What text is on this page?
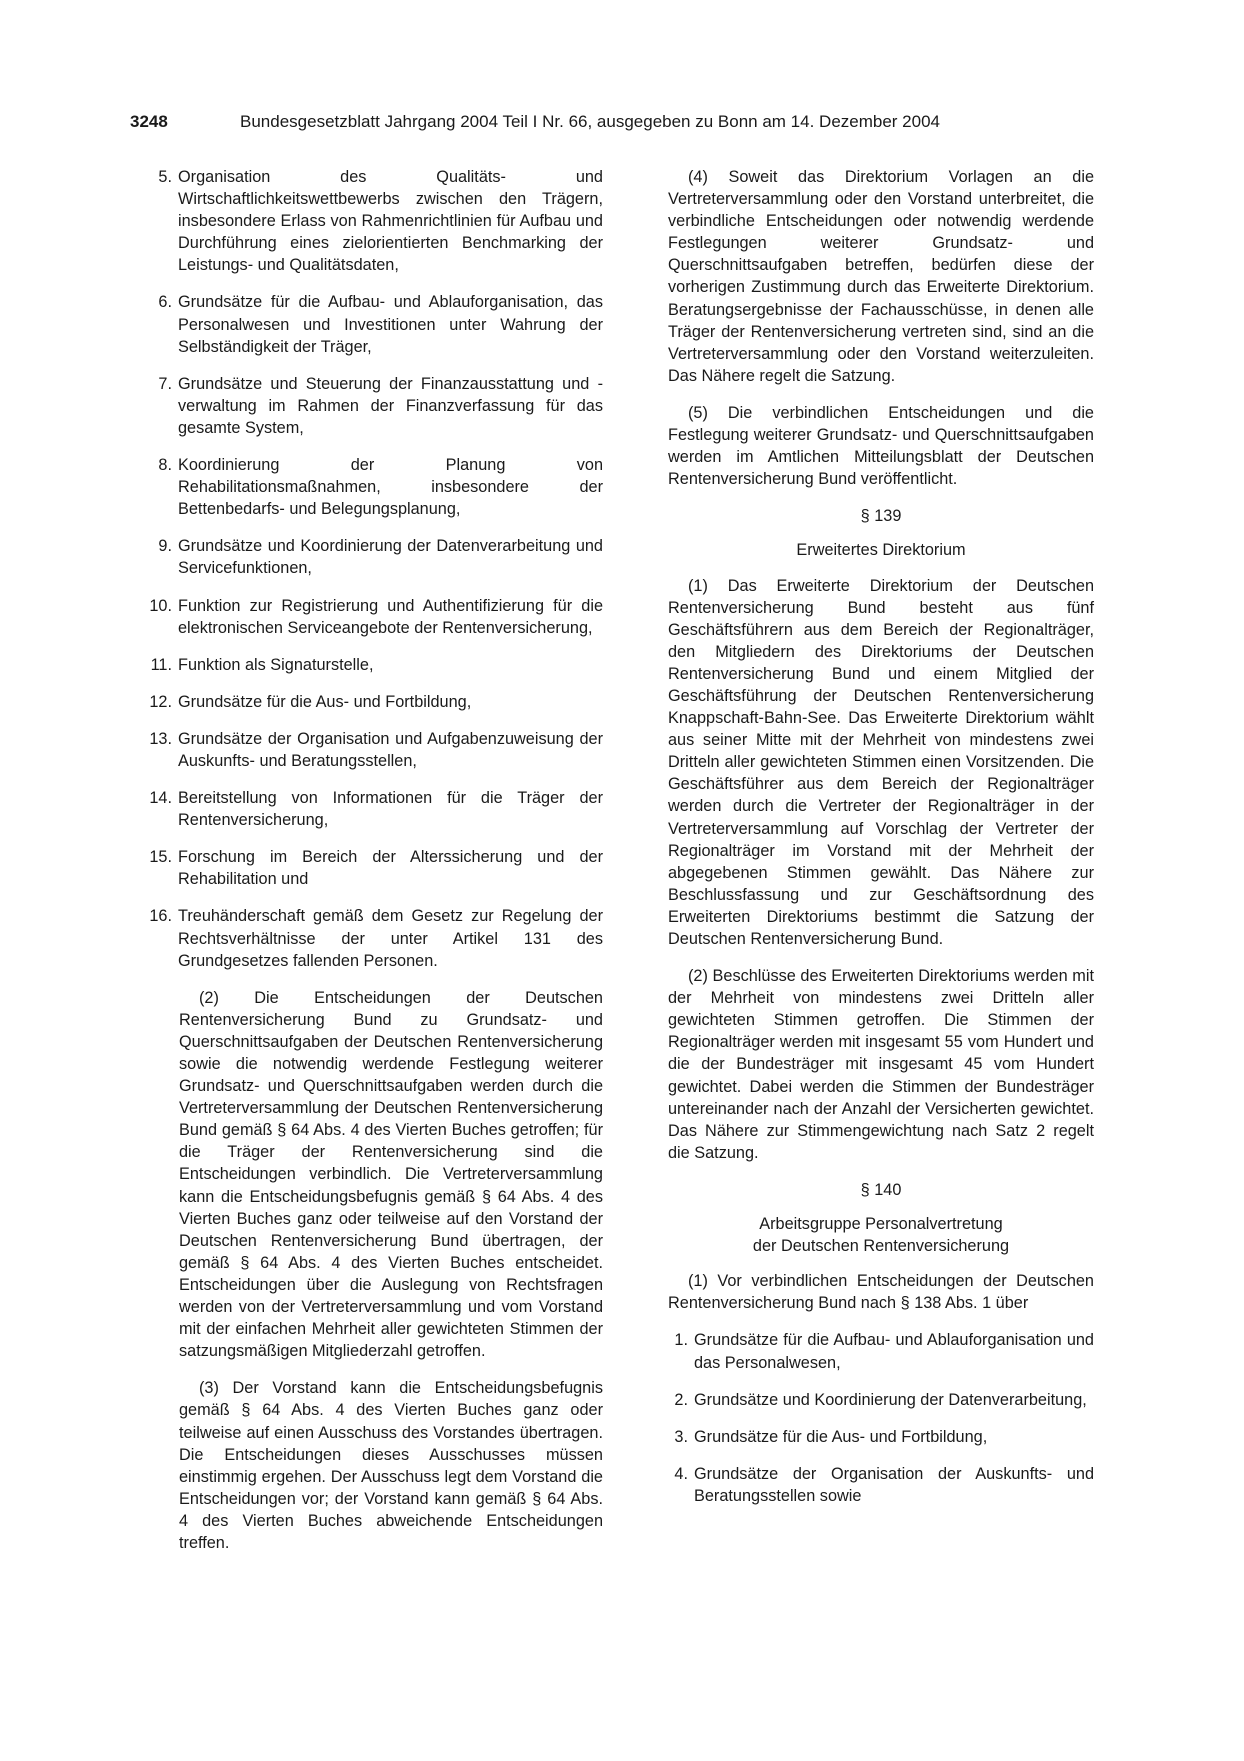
3248	Bundesgesetzblatt Jahrgang 2004 Teil I Nr. 66, ausgegeben zu Bonn am 14. Dezember 2004
5. Organisation des Qualitäts- und Wirtschaftlichkeitswettbewerbs zwischen den Trägern, insbesondere Erlass von Rahmenrichtlinien für Aufbau und Durchführung eines zielorientierten Benchmarking der Leistungs- und Qualitätsdaten,
6. Grundsätze für die Aufbau- und Ablauforganisation, das Personalwesen und Investitionen unter Wahrung der Selbständigkeit der Träger,
7. Grundsätze und Steuerung der Finanzausstattung und -verwaltung im Rahmen der Finanzverfassung für das gesamte System,
8. Koordinierung der Planung von Rehabilitationsmaßnahmen, insbesondere der Bettenbedarfs- und Belegungsplanung,
9. Grundsätze und Koordinierung der Datenverarbeitung und Servicefunktionen,
10. Funktion zur Registrierung und Authentifizierung für die elektronischen Serviceangebote der Rentenversicherung,
11. Funktion als Signaturstelle,
12. Grundsätze für die Aus- und Fortbildung,
13. Grundsätze der Organisation und Aufgabenzuweisung der Auskunfts- und Beratungsstellen,
14. Bereitstellung von Informationen für die Träger der Rentenversicherung,
15. Forschung im Bereich der Alterssicherung und der Rehabilitation und
16. Treuhänderschaft gemäß dem Gesetz zur Regelung der Rechtsverhältnisse der unter Artikel 131 des Grundgesetzes fallenden Personen.

(2) Die Entscheidungen der Deutschen Rentenversicherung Bund zu Grundsatz- und Querschnittsaufgaben der Deutschen Rentenversicherung sowie die notwendig werdende Festlegung weiterer Grundsatz- und Querschnittsaufgaben werden durch die Vertreterversammlung der Deutschen Rentenversicherung Bund gemäß § 64 Abs. 4 des Vierten Buches getroffen; für die Träger der Rentenversicherung sind die Entscheidungen verbindlich. Die Vertreterversammlung kann die Entscheidungsbefugnis gemäß § 64 Abs. 4 des Vierten Buches ganz oder teilweise auf den Vorstand der Deutschen Rentenversicherung Bund übertragen, der gemäß § 64 Abs. 4 des Vierten Buches entscheidet. Entscheidungen über die Auslegung von Rechtsfragen werden von der Vertreterversammlung und vom Vorstand mit der einfachen Mehrheit aller gewichteten Stimmen der satzungsmäßigen Mitgliederzahl getroffen.

(3) Der Vorstand kann die Entscheidungsbefugnis gemäß § 64 Abs. 4 des Vierten Buches ganz oder teilweise auf einen Ausschuss des Vorstandes übertragen. Die Entscheidungen dieses Ausschusses müssen einstimmig ergehen. Der Ausschuss legt dem Vorstand die Entscheidungen vor; der Vorstand kann gemäß § 64 Abs. 4 des Vierten Buches abweichende Entscheidungen treffen.

(4) Soweit das Direktorium Vorlagen an die Vertreterversammlung oder den Vorstand unterbreitet, die verbindliche Entscheidungen oder notwendig werdende Festlegungen weiterer Grundsatz- und Querschnittsaufgaben betreffen, bedürfen diese der vorherigen Zustimmung durch das Erweiterte Direktorium. Beratungsergebnisse der Fachausschüsse, in denen alle Träger der Rentenversicherung vertreten sind, sind an die Vertreterversammlung oder den Vorstand weiterzuleiten. Das Nähere regelt die Satzung.

(5) Die verbindlichen Entscheidungen und die Festlegung weiterer Grundsatz- und Querschnittsaufgaben werden im Amtlichen Mitteilungsblatt der Deutschen Rentenversicherung Bund veröffentlicht.

§ 139
Erweitertes Direktorium

(1) Das Erweiterte Direktorium der Deutschen Rentenversicherung Bund besteht aus fünf Geschäftsführern aus dem Bereich der Regionalträger, den Mitgliedern des Direktoriums der Deutschen Rentenversicherung Bund und einem Mitglied der Geschäftsführung der Deutschen Rentenversicherung Knappschaft-Bahn-See. Das Erweiterte Direktorium wählt aus seiner Mitte mit der Mehrheit von mindestens zwei Dritteln aller gewichteten Stimmen einen Vorsitzenden. Die Geschäftsführer aus dem Bereich der Regionalträger werden durch die Vertreter der Regionalträger in der Vertreterversammlung auf Vorschlag der Vertreter der Regionalträger im Vorstand mit der Mehrheit der abgegebenen Stimmen gewählt. Das Nähere zur Beschlussfassung und zur Geschäftsordnung des Erweiterten Direktoriums bestimmt die Satzung der Deutschen Rentenversicherung Bund.

(2) Beschlüsse des Erweiterten Direktoriums werden mit der Mehrheit von mindestens zwei Dritteln aller gewichteten Stimmen getroffen. Die Stimmen der Regionalträger werden mit insgesamt 55 vom Hundert und die der Bundesträger mit insgesamt 45 vom Hundert gewichtet. Dabei werden die Stimmen der Bundesträger untereinander nach der Anzahl der Versicherten gewichtet. Das Nähere zur Stimmengewichtung nach Satz 2 regelt die Satzung.

§ 140
Arbeitsgruppe Personalvertretung
der Deutschen Rentenversicherung

(1) Vor verbindlichen Entscheidungen der Deutschen Rentenversicherung Bund nach § 138 Abs. 1 über

1. Grundsätze für die Aufbau- und Ablauforganisation und das Personalwesen,
2. Grundsätze und Koordinierung der Datenverarbeitung,
3. Grundsätze für die Aus- und Fortbildung,
4. Grundsätze der Organisation der Auskunfts- und Beratungsstellen sowie
